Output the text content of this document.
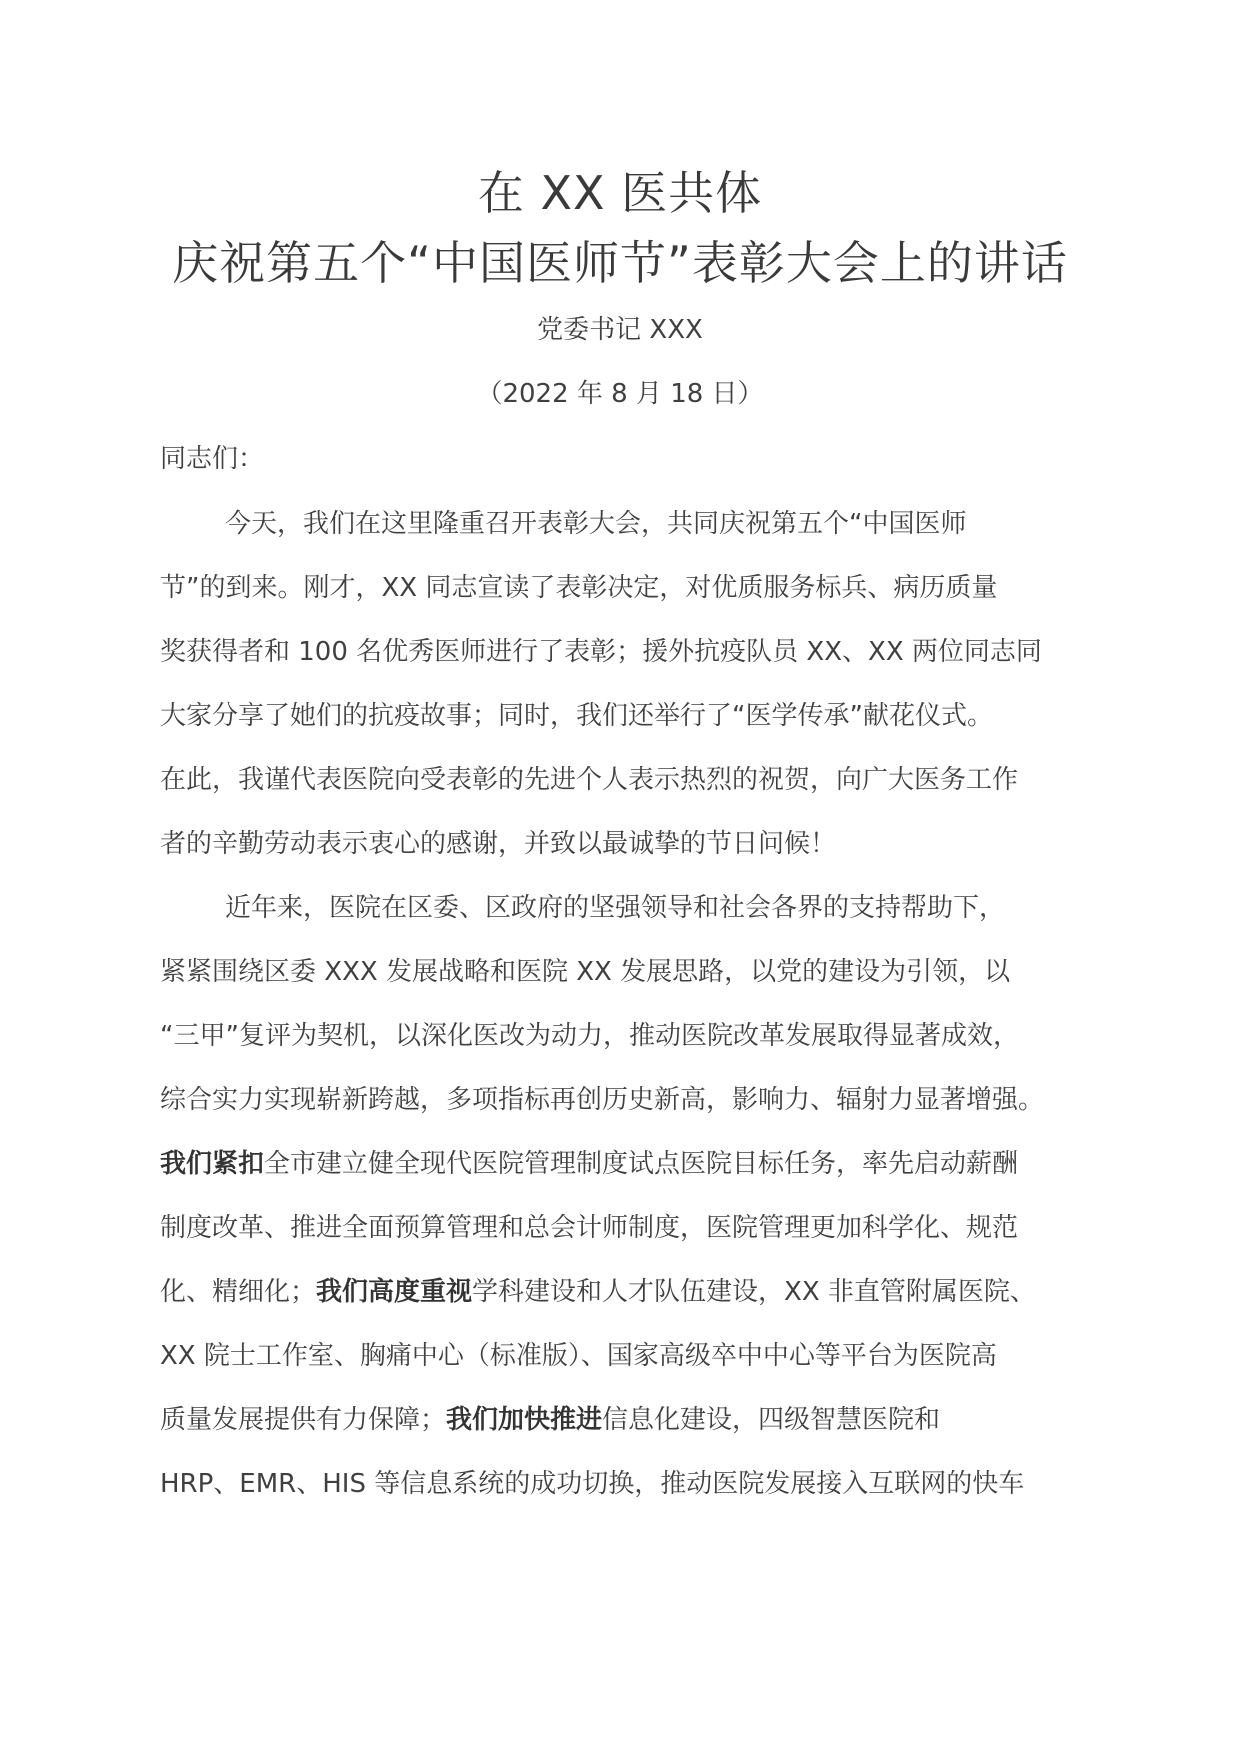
在 XX 医共体
庆祝第五个“中国医师节”表彰大会上的讲话
党委书记 XXX
（2022 年 8 月 18 日）
同志们：
今天，我们在这里隆重召开表彰大会，共同庆祝第五个“中国医师
节”的到来。刚才，XX 同志宣读了表彰决定，对优质服务标兵、病历质量
奖获得者和 100 名优秀医师进行了表彰；援外抗疫队员 XX、XX 两位同志同
大家分享了她们的抗疫故事；同时，我们还举行了“医学传承”献花仪式。
在此，我谨代表医院向受表彰的先进个人表示热烈的祝贺，向广大医务工作
者的辛勤劳动表示衷心的感谢，并致以最诚挚的节日问候！
近年来，医院在区委、区政府的坚强领导和社会各界的支持帮助下，
紧紧围绕区委 XXX 发展战略和医院 XX 发展思路，以党的建设为引领，以
“三甲”复评为契机，以深化医改为动力，推动医院改革发展取得显著成效，
综合实力实现崭新跨越，多项指标再创历史新高，影响力、辐射力显著增强。
我们紧扣全市建立健全现代医院管理制度试点医院目标任务，率先启动薪酬
制度改革、推进全面预算管理和总会计师制度，医院管理更加科学化、规范
化、精细化；我们高度重视学科建设和人才队伍建设，XX 非直管附属医院、
XX 院士工作室、胸痛中心（标准版）、国家高级卒中中心等平台为医院高
质量发展提供有力保障；我们加快推进信息化建设，四级智慧医院和
HRP、EMR、HIS 等信息系统的成功切换，推动医院发展接入互联网的快车
